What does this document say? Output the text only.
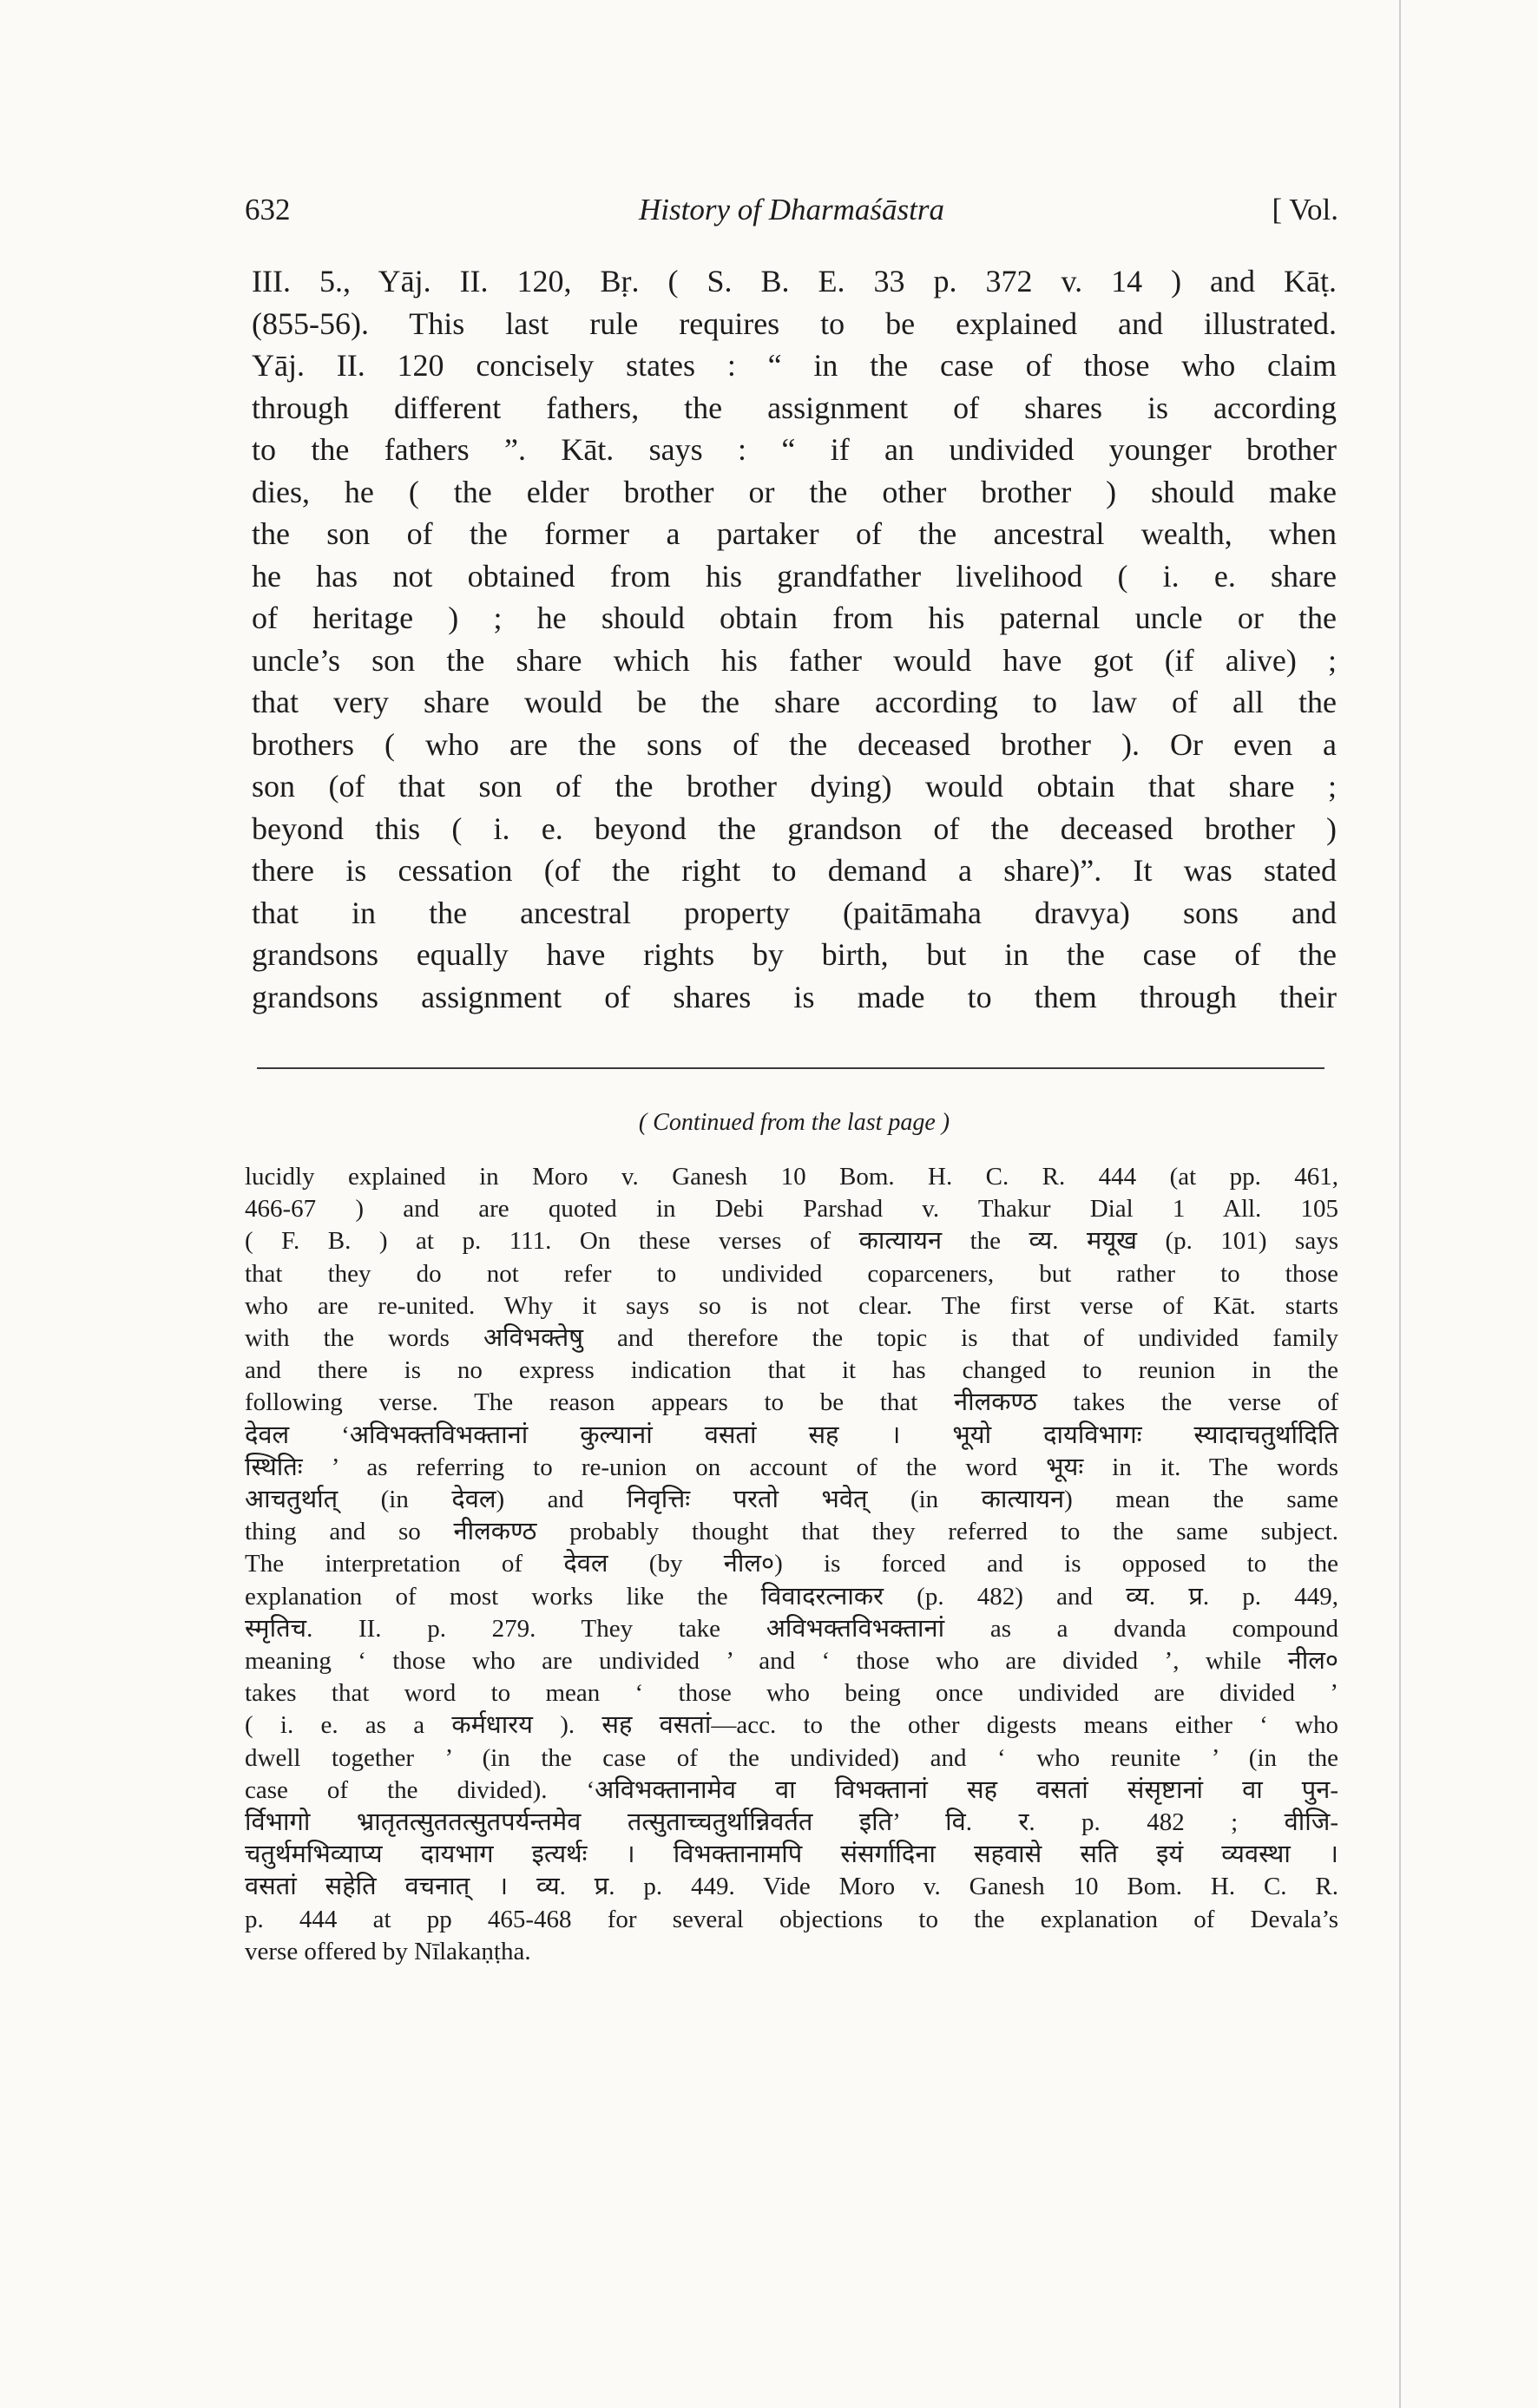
632	History of Dharmaśāstra	[ Vol.
III. 5., Yāj. II. 120, Bṛ. ( S. B. E. 33 p. 372 v. 14 ) and Kāṭ.
(855-56). This last rule requires to be explained and illustrated.
Yāj. II. 120 concisely states : “ in the case of those who claim
through different fathers, the assignment of shares is according
to the fathers ”. Kāt. says : “ if an undivided younger brother
dies, he ( the elder brother or the other brother ) should make
the son of the former a partaker of the ancestral wealth, when
he has not obtained from his grandfather livelihood ( i. e. share
of heritage ) ; he should obtain from his paternal uncle or the
uncle’s son the share which his father would have got (if alive) ;
that very share would be the share according to law of all the
brothers ( who are the sons of the deceased brother ). Or even a
son (of that son of the brother dying) would obtain that share ;
beyond this ( i. e. beyond the grandson of the deceased brother )
there is cessation (of the right to demand a share)”. It was stated
that in the ancestral property (paitāmaha dravya) sons and
grandsons equally have rights by birth, but in the case of the
grandsons assignment of shares is made to them through their
( Continued from the last page )
lucidly explained in Moro v. Ganesh 10 Bom. H. C. R. 444 (at pp. 461,
466-67 ) and are quoted in Debi Parshad v. Thakur Dial 1 All. 105
( F. B. ) at p. 111. On these verses of कात्यायन the व्य. मयूख (p. 101) says
that they do not refer to undivided coparceners, but rather to those
who are re-united. Why it says so is not clear. The first verse of Kāt. starts
with the words अविभक्तेषु and therefore the topic is that of undivided family
and there is no express indication that it has changed to reunion in the
following verse. The reason appears to be that नीलकण्ठ takes the verse of
देवल ‘अविभक्तविभक्तानां कुल्यानां वसतां सह । भूयो दायविभागः स्यादाचतुर्थादिति
स्थितिः ’ as referring to re-union on account of the word भूयः in it. The words
आचतुर्थात् (in देवल) and निवृत्तिः परतो भवेत् (in कात्यायन) mean the same
thing and so नीलकण्ठ probably thought that they referred to the same subject.
The interpretation of देवल (by नील०) is forced and is opposed to the
explanation of most works like the विवादरत्नाकर (p. 482) and व्य. प्र. p. 449,
स्मृतिच. II. p. 279. They take अविभक्तविभक्तानां as a dvanda compound
meaning ‘ those who are undivided ’ and ‘ those who are divided ’, while नील०
takes that word to mean ‘ those who being once undivided are divided ’
( i. e. as a कर्मधारय ). सह वसतां—acc. to the other digests means either ‘ who
dwell together ’ (in the case of the undivided) and ‘ who reunite ’ (in the
case of the divided). ‘अविभक्तानामेव वा विभक्तानां सह वसतां संसृष्टानां वा पुन-
र्विभागो भ्रातृतत्सुततत्सुतपर्यन्तमेव तत्सुताच्चतुर्थान्निवर्तत इति’ वि. र. p. 482 ; वीजि-
चतुर्थमभिव्याप्य दायभाग इत्यर्थः । विभक्तानामपि संसर्गादिना सहवासे सति इयं व्यवस्था ।
वसतां सहेति वचनात् । व्य. प्र. p. 449. Vide Moro v. Ganesh 10 Bom. H. C. R.
p. 444 at pp 465-468 for several objections to the explanation of Devala’s
verse offered by Nīlakaṇṭha.
